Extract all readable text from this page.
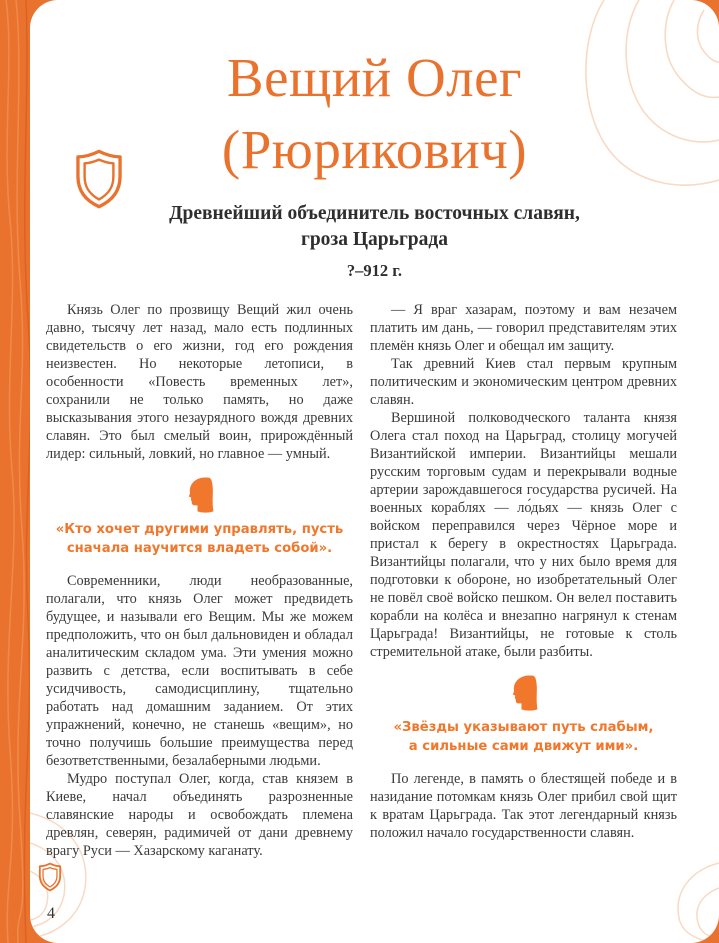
Вещий Олег
(Рюрикович)
Древнейший объединитель восточных славян,
гроза Царьграда
?–912 г.

Князь Олег по прозвищу Вещий жил очень давно, тысячу лет назад, мало есть подлинных свидетельств о его жизни, год его рождения неизвестен. Но некоторые летописи, в особенности «Повесть временных лет», сохранили не только память, но даже высказывания этого незаурядного вождя древних славян. Это был смелый воин, прирождённый лидер: сильный, ловкий, но главное — умный.

«Кто хочет другими управлять, пусть
сначала научится владеть собой».

Современники, люди необразованные, полагали, что князь Олег может предвидеть будущее, и называли его Вещим. Мы же можем предположить, что он был дальновиден и обладал аналитическим складом ума. Эти умения можно развить с детства, если воспитывать в себе усидчивость, самодисциплину, тщательно работать над домашним заданием. От этих упражнений, конечно, не станешь «вещим», но точно получишь большие преимущества перед безответственными, безалаберными людьми.

Мудро поступал Олег, когда, став князем в Киеве, начал объединять разрозненные славянские народы и освобождать племена древлян, северян, радимичей от дани древнему врагу Руси — Хазарскому каганату.

— Я враг хазарам, поэтому и вам незачем платить им дань, — говорил представителям этих племён князь Олег и обещал им защиту.

Так древний Киев стал первым крупным политическим и экономическим центром древних славян.

Вершиной полководческого таланта князя Олега стал поход на Царьград, столицу могучей Византийской империи. Византийцы мешали русским торговым судам и перекрывали водные артерии зарождавшегося государства русичей. На военных кораблях — ло́дьях — князь Олег с войском переправился через Чёрное море и пристал к берегу в окрестностях Царьграда. Византийцы полагали, что у них было время для подготовки к обороне, но изобретательный Олег не повёл своё войско пешком. Он велел поставить корабли на колёса и внезапно нагрянул к стенам Царьграда! Византийцы, не готовые к столь стремительной атаке, были разбиты.

«Звёзды указывают путь слабым,
а сильные сами движут ими».

По легенде, в память о блестящей победе и в назидание потомкам князь Олег прибил свой щит к вратам Царьграда. Так этот легендарный князь положил начало государственности славян.

4
